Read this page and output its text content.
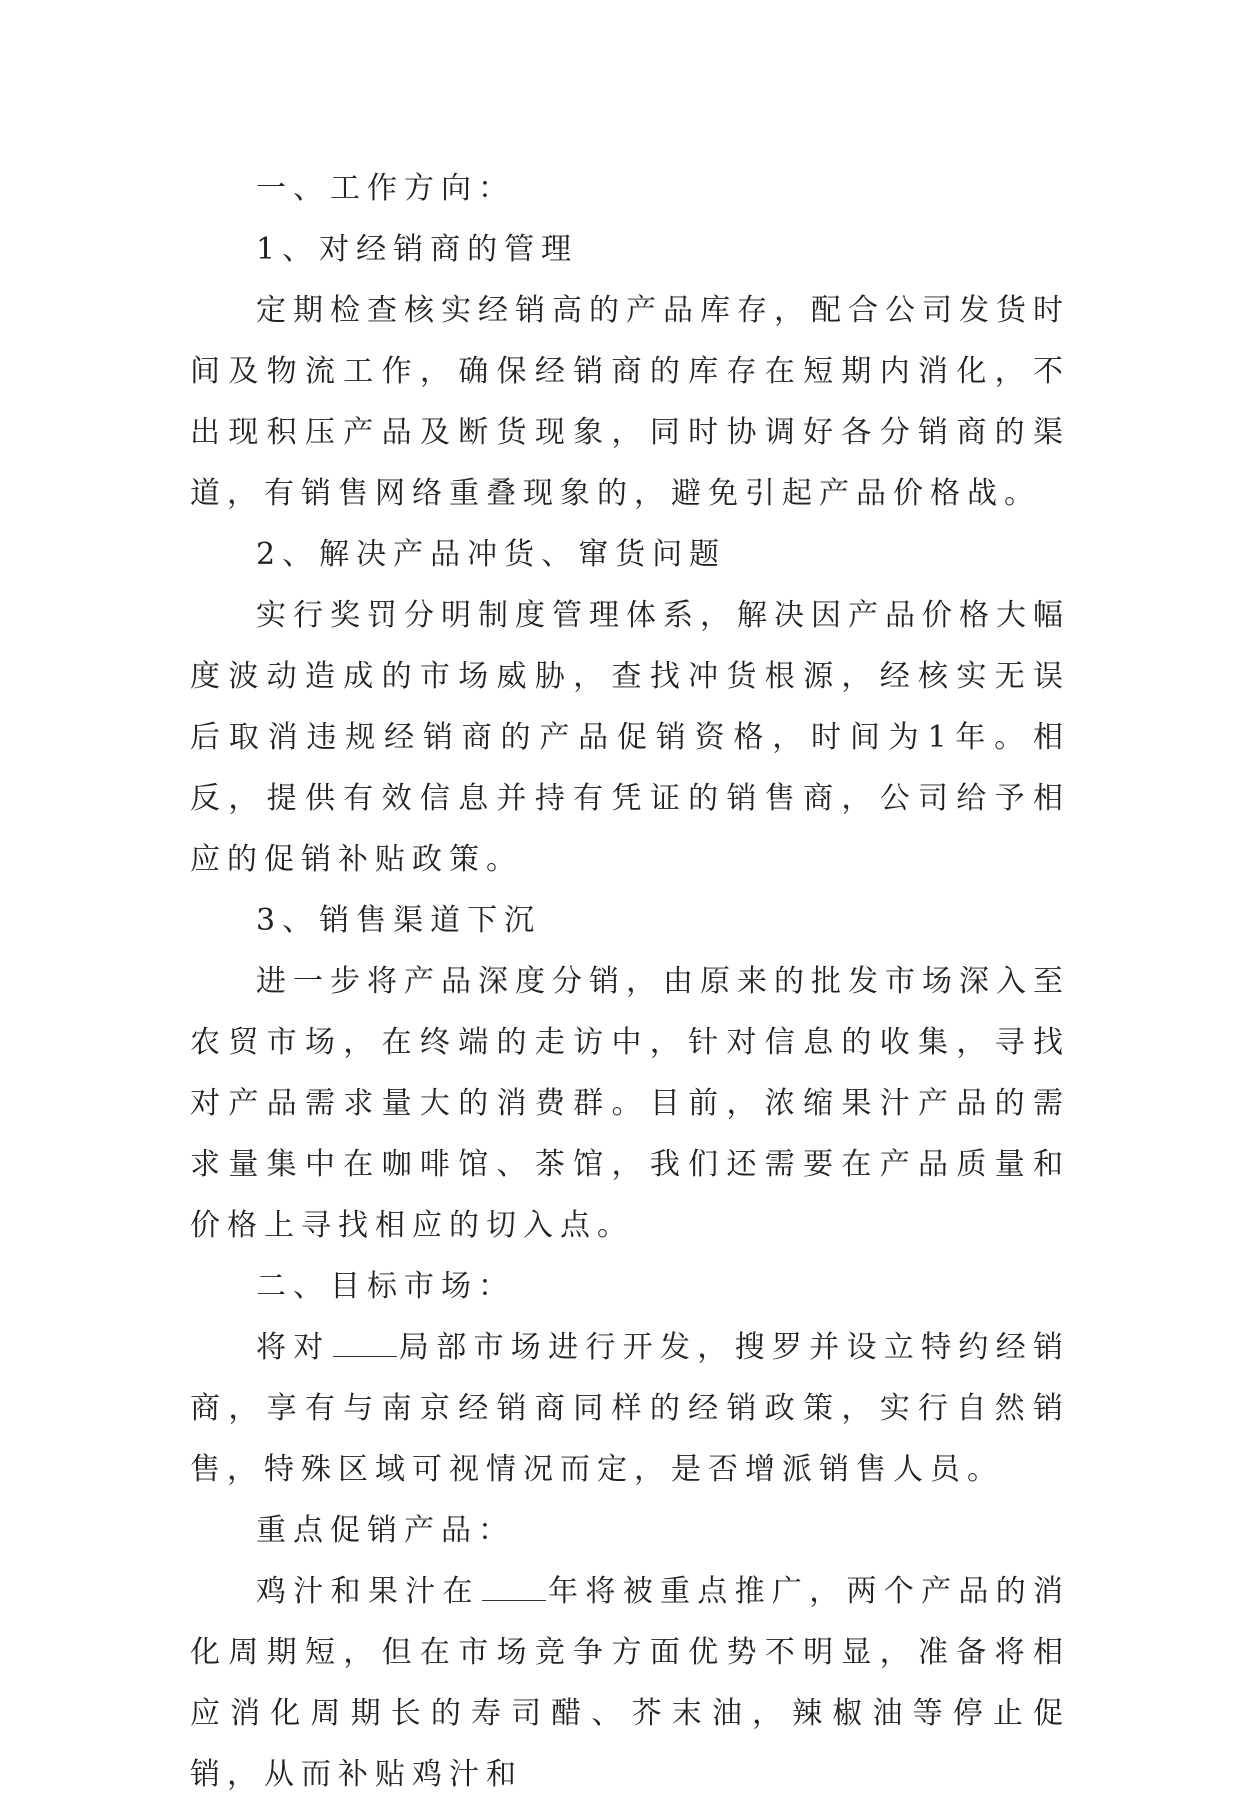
一、工作方向：

1、对经销商的管理

定期检查核实经销高的产品库存，配合公司发货时间及物流工作，确保经销商的库存在短期内消化，不出现积压产品及断货现象，同时协调好各分销商的渠道，有销售网络重叠现象的，避免引起产品价格战。

2、解决产品冲货、窜货问题

实行奖罚分明制度管理体系，解决因产品价格大幅度波动造成的市场威胁，查找冲货根源，经核实无误后取消违规经销商的产品促销资格，时间为1年。相反，提供有效信息并持有凭证的销售商，公司给予相应的促销补贴政策。

3、销售渠道下沉

进一步将产品深度分销，由原来的批发市场深入至农贸市场，在终端的走访中，针对信息的收集，寻找对产品需求量大的消费群。目前，浓缩果汁产品的需求量集中在咖啡馆、茶馆，我们还需要在产品质量和价格上寻找相应的切入点。

二、目标市场：

将对 局部市场进行开发，搜罗并设立特约经销商，享有与南京经销商同样的经销政策，实行自然销售，特殊区域可视情况而定，是否增派销售人员。

重点促销产品：

鸡汁和果汁在 年将被重点推广，两个产品的消化周期短，但在市场竞争方面优势不明显，准备将相应消化周期长的寿司醋、芥末油，辣椒油等停止促销，从而补贴鸡汁和
